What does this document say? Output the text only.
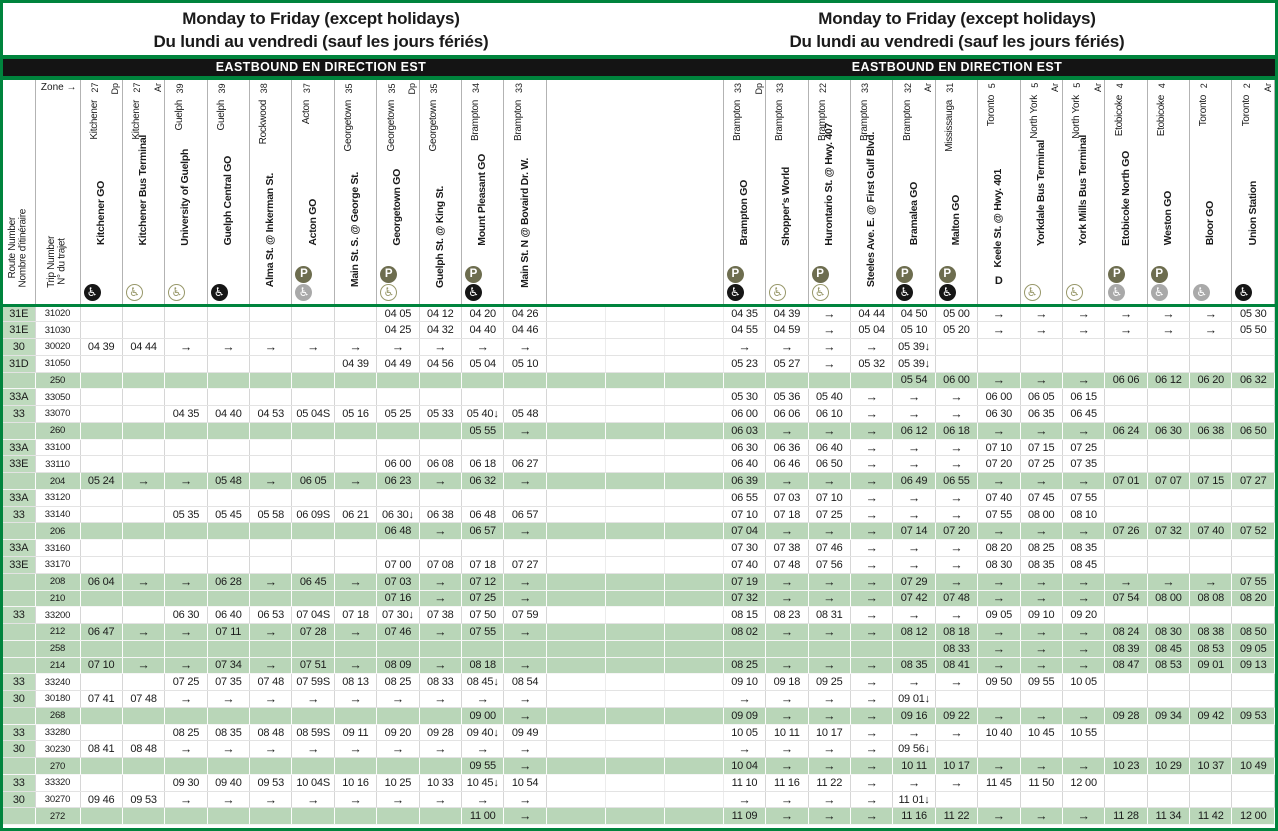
Monday to Friday (except holidays)
Du lundi au vendredi (sauf les jours fériés)
Monday to Friday (except holidays)
Du lundi au vendredi (sauf les jours fériés)
EASTBOUND EN DIRECTION EST	EASTBOUND EN DIRECTION EST
Route Number Nombre d'itinéraire

Zone →
Trip Number N° du trajet

Kitchener27	Dp
Kitchener GO
♿

Kitchener27	Ar
Kitchener Bus Terminal
♿

Guelph39
University of Guelph
♿

Guelph39
Guelph Central GO
♿

Rockwood38
Alma St. @ Inkerman St.

Acton37
Acton GO
P
♿

Georgetown35
Main St. S. @ George St.

Georgetown35	Dp
Georgetown GO
P
♿

Georgetown35
Guelph St. @ King St.

Brampton34
Mount Pleasant GO
P
♿

Brampton33
Main St. N @ Bovaird Dr. W.

Brampton33	Dp
Brampton GO
P
♿

Brampton33
Shopper's World
♿

Brampton22
Hurontario St. @ Hwy. 407
P
♿

Brampton33
Steeles Ave. E. @ First Gulf Blvd.

Brampton32	Ar
Bramalea GO
P
♿

Mississauga31
Malton GO
P
♿

Toronto5
Keele St. @ Hwy. 401
D

North York5	Ar
Yorkdale Bus Terminal
♿

North York5	Ar
York Mills Bus Terminal
♿

Etobicoke4
Etobicoke North GO
P
♿

Etobicoke4
Weston GO
P
♿

Toronto2
Bloor GO
♿

Toronto2	Ar
Union Station
♿

31E	31020								04 05	04 12	04 20	04 26				04 35	04 39	→	04 44	04 50	05 00	→	→	→	→	→	→	05 30
31E	31030								04 25	04 32	04 40	04 46				04 55	04 59	→	05 04	05 10	05 20	→	→	→	→	→	→	05 50
30	30020	04 39	04 44	→	→	→	→	→	→	→	→	→				→	→	→	→	05 39↓								
31D	31050							04 39	04 49	04 56	05 04	05 10				05 23	05 27	→	05 32	05 39↓								
	250																			05 54	06 00	→	→	→	06 06	06 12	06 20	06 32
33A	33050															05 30	05 36	05 40	→	→	→	06 00	06 05	06 15				
33	33070			04 35	04 40	04 53	05 04S	05 16	05 25	05 33	05 40↓	05 48				06 00	06 06	06 10	→	→	→	06 30	06 35	06 45				
	260										05 55	→				06 03	→	→	→	06 12	06 18	→	→	→	06 24	06 30	06 38	06 50
33A	33100															06 30	06 36	06 40	→	→	→	07 10	07 15	07 25				
33E	33110								06 00	06 08	06 18	06 27				06 40	06 46	06 50	→	→	→	07 20	07 25	07 35				
	204	05 24	→	→	05 48	→	06 05	→	06 23	→	06 32	→				06 39	→	→	→	06 49	06 55	→	→	→	07 01	07 07	07 15	07 27
33A	33120															06 55	07 03	07 10	→	→	→	07 40	07 45	07 55				
33	33140			05 35	05 45	05 58	06 09S	06 21	06 30↓	06 38	06 48	06 57				07 10	07 18	07 25	→	→	→	07 55	08 00	08 10				
	206								06 48	→	06 57	→				07 04	→	→	→	07 14	07 20	→	→	→	07 26	07 32	07 40	07 52
33A	33160															07 30	07 38	07 46	→	→	→	08 20	08 25	08 35				
33E	33170								07 00	07 08	07 18	07 27				07 40	07 48	07 56	→	→	→	08 30	08 35	08 45				
	208	06 04	→	→	06 28	→	06 45	→	07 03	→	07 12	→				07 19	→	→	→	07 29	→	→	→	→	→	→	→	07 55
	210								07 16	→	07 25	→				07 32	→	→	→	07 42	07 48	→	→	→	07 54	08 00	08 08	08 20
33	33200			06 30	06 40	06 53	07 04S	07 18	07 30↓	07 38	07 50	07 59				08 15	08 23	08 31	→	→	→	09 05	09 10	09 20				
	212	06 47	→	→	07 11	→	07 28	→	07 46	→	07 55	→				08 02	→	→	→	08 12	08 18	→	→	→	08 24	08 30	08 38	08 50
	258																				08 33	→	→	→	08 39	08 45	08 53	09 05
	214	07 10	→	→	07 34	→	07 51	→	08 09	→	08 18	→				08 25	→	→	→	08 35	08 41	→	→	→	08 47	08 53	09 01	09 13
33	33240			07 25	07 35	07 48	07 59S	08 13	08 25	08 33	08 45↓	08 54				09 10	09 18	09 25	→	→	→	09 50	09 55	10 05				
30	30180	07 41	07 48	→	→	→	→	→	→	→	→	→				→	→	→	→	09 01↓								
	268										09 00	→				09 09	→	→	→	09 16	09 22	→	→	→	09 28	09 34	09 42	09 53
33	33280			08 25	08 35	08 48	08 59S	09 11	09 20	09 28	09 40↓	09 49				10 05	10 11	10 17	→	→	→	10 40	10 45	10 55				
30	30230	08 41	08 48	→	→	→	→	→	→	→	→	→				→	→	→	→	09 56↓								
	270										09 55	→				10 04	→	→	→	10 11	10 17	→	→	→	10 23	10 29	10 37	10 49
33	33320			09 30	09 40	09 53	10 04S	10 16	10 25	10 33	10 45↓	10 54				11 10	11 16	11 22	→	→	→	11 45	11 50	12 00				
30	30270	09 46	09 53	→	→	→	→	→	→	→	→	→				→	→	→	→	11 01↓								
	272										11 00	→				11 09	→	→	→	11 16	11 22	→	→	→	11 28	11 34	11 42	12 00
